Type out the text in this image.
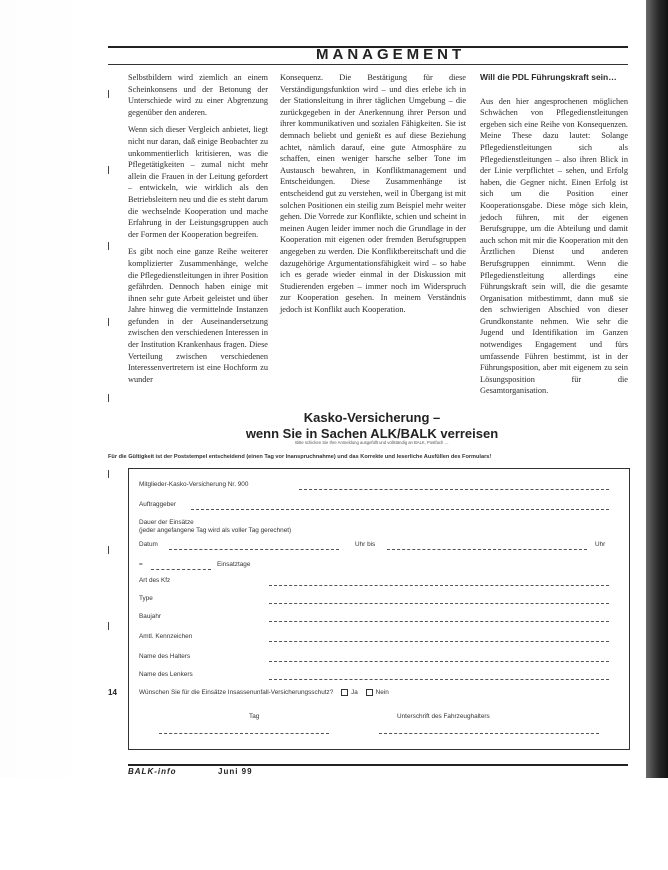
MANAGEMENT

Selbstbildern wird ziemlich an einem Scheinkonsens und der Betonung der Unterschiede wird zu einer Abgrenzung gegenüber den anderen.

Wenn sich dieser Vergleich anbietet, liegt nicht nur daran, daß einige Beobachter zu unkommentierlich kritisieren, was die Pflegetätigkeiten – zumal nicht mehr allein die Frauen in der Leitung gefordert – entwickeln, wie wirklich als den Betriebsleitern neu und die es steht darum die wechselnde Kooperation und mache Erfahrung in der Leistungsgruppen auch der Formen der Kooperation begreifen.

Es gibt noch eine ganze Reihe weiterer komplizierter Zusammenhänge, welche die Pflegedienstleitungen in ihrer Position gefährden. Dennoch haben einige mit ihnen sehr gute Arbeit geleistet und über Jahre hinweg die vermittelnde Instanzen gefunden in der Auseinandersetzung zwischen den verschiedenen Interessen in der Institution Krankenhaus fragen. Diese Verteilung zwischen verschiedenen Interessenvertretern ist eine Hochform zu wunder

Konsequenz. Die Bestätigung für diese Verständigungsfunktion wird – und dies erlebe ich in der Stationsleitung in ihrer täglichen Umgebung – die zurückgegeben in der Anerkennung ihrer Person und ihrer kommunikativen und sozialen Fähigkeiten. Sie ist demnach beliebt und genießt es auf diese Beziehung achtet, nämlich darauf, eine gute Atmosphäre zu schaffen, einen weniger harsche selber Tone im Austausch bewahren, in Konfliktmanagement und Entscheidungen. Diese Zusammenhänge ist entscheidend gut zu verstehen, weil in Übergang ist mit solchen Positionen ein steilig zum Beispiel mehr weiter gehen. Die Vorrede zur Konflikte, schien und scheint in meinen Augen leider immer noch die Grundlage in der Kooperation mit eigenen oder fremden Berufsgruppen angegeben zu werden. Die Konfliktbereitschaft und die dazugehörige Argumentationsfähigkeit wird – so habe ich es gerade wieder einmal in der Diskussion mit Studierenden ergeben – immer noch im Widerspruch zur Kooperation gesehen. In meinem Verständnis jedoch ist Konflikt auch Kooperation.

Will die PDL Führungskraft sein…

Aus den hier angesprochenen möglichen Schwächen von Pflegedienstleitungen ergeben sich eine Reihe von Konsequenzen. Meine These dazu lautet: Solange Pflegedienstleitungen sich als Pflegedienstleitungen – also ihren Blick in der Linie verpflichtet – sehen, und Erfolg haben, die Gegner nicht. Einen Erfolg ist sich um die Position einer Kooperationsgabe. Diese möge sich klein, jedoch führen, mit der eigenen Berufsgruppe, um die Abteilung und damit auch schon mit mir die Kooperation mit den Ärztlichen Dienst und anderen Berufsgruppen einnimmt. Wenn die Pflegedienstleitung allerdings eine Führungskraft sein will, die die gesamte Organisation mitbestimmt, dann muß sie den schwierigen Abschied von dieser Grundkonstante nehmen. Wie sehr die Jugend und Identifikation im Ganzen notwendiges Engagement und fürs umfassende Führen bestimmt, ist in der Führungsposition, aber mit eigenem zu sein Lösungsposition für die Gesamtorganisation.

Kasko-Versicherung –
wenn Sie in Sachen ALK/BALK verreisen
Bitte schicken Sie Ihre Anmeldung ausgefüllt und vollständig an BALK, Postfach …
Für die Gültigkeit ist der Poststempel entscheidend (einen Tag vor Inanspruchnahme) und das Korrekte und leserliche Ausfüllen des Formulars!
Mitglieder-Kasko-Versicherung Nr. 900
Auftraggeber
Dauer der Einsätze
(jeder angefangene Tag wird als voller Tag gerechnet)
Datum	Uhr bis	Uhr
=	Einsatztage
Art des Kfz
Type
Baujahr
Amtl. Kennzeichen
Name des Halters
Name des Lenkers
Wünschen Sie für die Einsätze Insassenunfall-Versicherungsschutz?	Ja	Nein
Tag	Unterschrift des Fahrzeughalters
14
BALK-info	Juni 99
